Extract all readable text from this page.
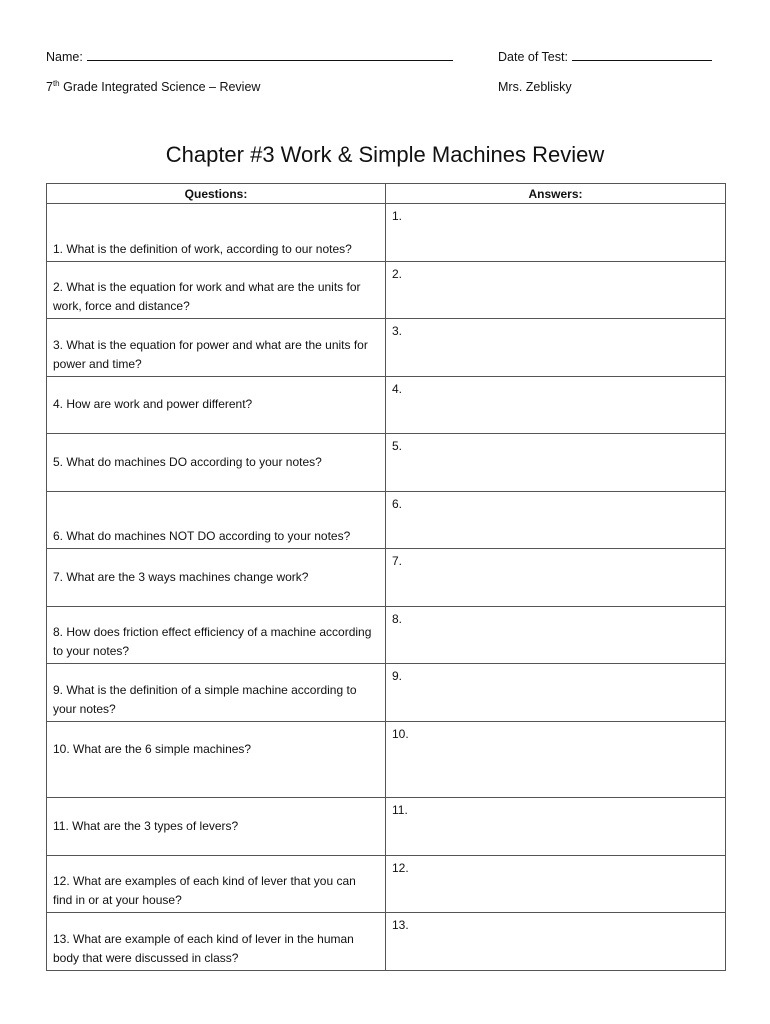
Name:	Date of Test:
7th Grade Integrated Science – Review	Mrs. Zeblisky
Chapter #3 Work & Simple Machines Review
Questions:	Answers:

1. What is the definition of work, according to our notes?	1.

2. What is the equation for work and what are the units for work, force and distance?	2.

3. What is the equation for power and what are the units for power and time?	3.

4. How are work and power different?	4.

5. What do machines DO according to your notes?	5.

6. What do machines NOT DO according to your notes?	6.

7. What are the 3 ways machines change work?	7.

8. How does friction effect efficiency of a machine according to your notes?	8.

9. What is the definition of a simple machine according to your notes?	9.

10. What are the 6 simple machines?	10.

11. What are the 3 types of levers?	11.

12. What are examples of each kind of lever that you can find in or at your house?	12.

13. What are example of each kind of lever in the human body that were discussed in class?	13.
